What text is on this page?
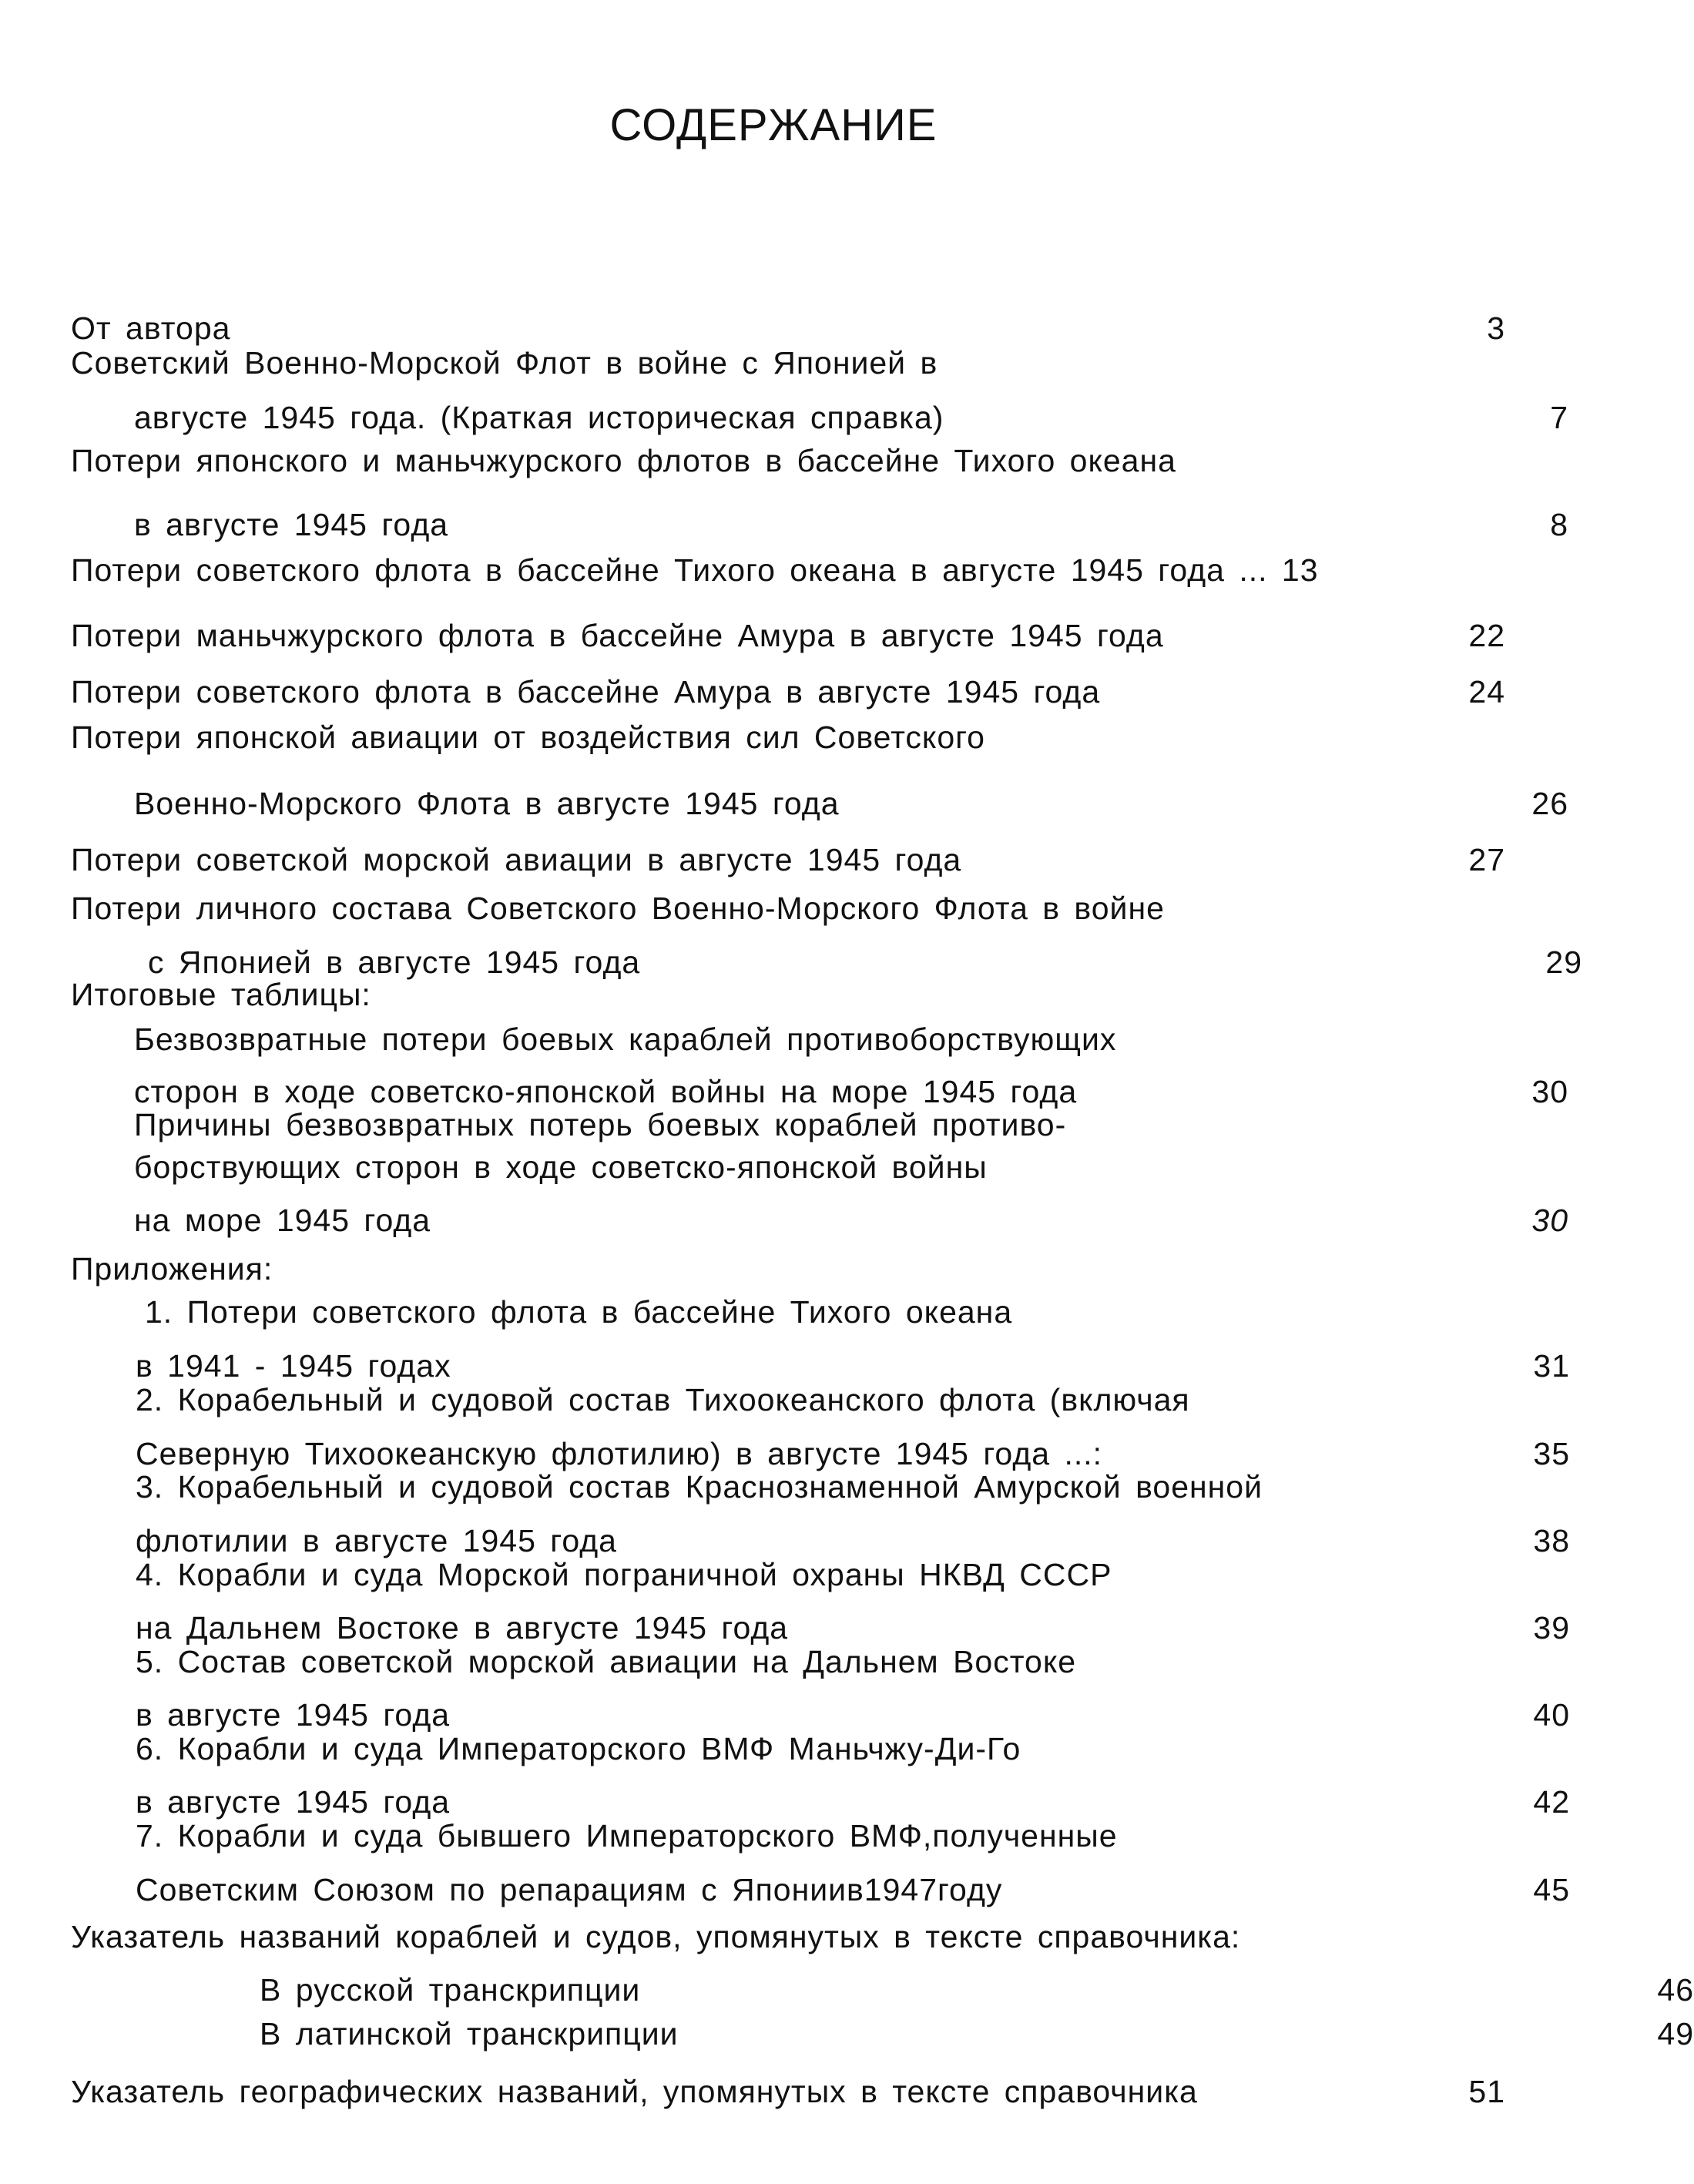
СОДЕРЖАНИЕ
От автора	3
Советский Военно-Морской Флот в войне с Японией в
августе 1945 года. (Краткая историческая справка)	7
Потери японского и маньчжурского флотов в бассейне Тихого океана
в августе 1945 года	8
Потери советского флота в бассейне Тихого океана в августе 1945 года ... 13
Потери маньчжурского флота в бассейне Амура в августе 1945 года	22
Потери советского флота в бассейне Амура в августе 1945 года	24
Потери японской авиации от воздействия сил Советского
Военно-Морского Флота в августе 1945 года	26
Потери советской морской авиации в августе 1945 года	27
Потери личного состава Советского Военно-Морского Флота в войне
с Японией в августе 1945 года	29
Итоговые таблицы:
Безвозвратные потери боевых караблей противоборствующих
сторон в ходе советско-японской войны на море 1945 года	30
Причины безвозвратных потерь боевых кораблей противо-
борствующих сторон в ходе советско-японской войны
на море 1945 года	30
Приложения:
1. Потери советского флота в бассейне Тихого океана
в 1941 - 1945 годах	31
2. Корабельный и судовой состав Тихоокеанского флота (включая
Северную Тихоокеанскую флотилию) в августе 1945 года ...:	35
3. Корабельный и судовой состав Краснознаменной Амурской военной
флотилии в августе 1945 года	38
4. Корабли и суда Морской пограничной охраны НКВД СССР
на Дальнем Востоке в августе 1945 года	39
5. Состав советской морской авиации на Дальнем Востоке
в августе 1945 года	40
6. Корабли и суда Императорского ВМФ Маньчжу-Ди-Го
в августе 1945 года	42
7. Корабли и суда бывшего Императорского ВМФ,полученные
Советским Союзом по репарациям с Япониив1947году	45
Указатель названий кораблей и судов, упомянутых в тексте справочника:
В русской транскрипции	46
В латинской транскрипции	49
Указатель географических названий, упомянутых в тексте справочника	51
